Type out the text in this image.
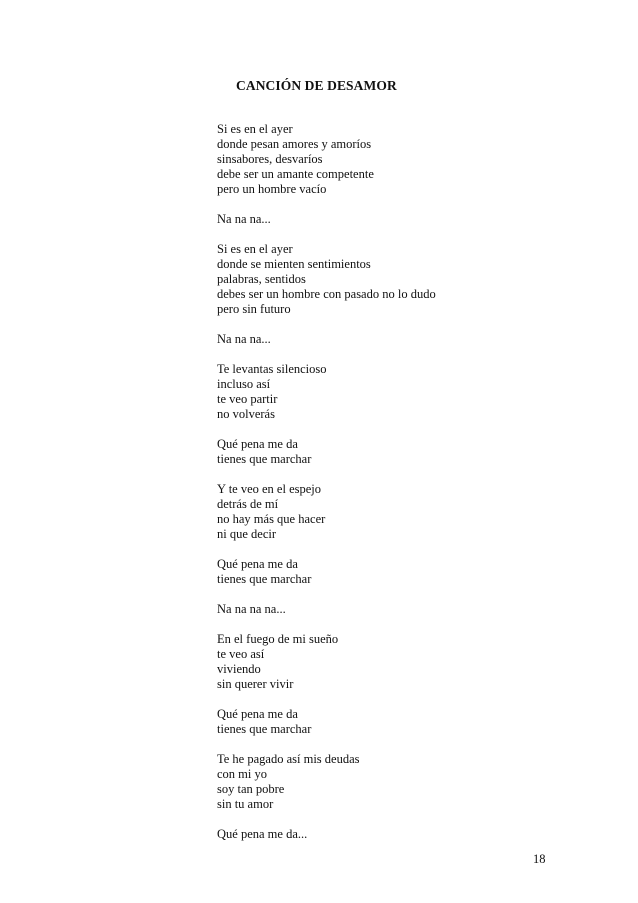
CANCIÓN DE DESAMOR
Si es en el ayer
donde pesan amores y amoríos
sinsabores, desvaríos
debe ser un amante competente
pero un hombre vacío
Na na na...
Si es en el ayer
donde se mienten sentimientos
palabras, sentidos
debes ser un hombre con pasado no lo dudo
pero sin futuro
Na na na...
Te levantas silencioso
incluso así
te veo partir
no volverás
Qué pena me da
tienes que marchar
Y te veo en el espejo
detrás de mí
no hay más que hacer
ni que decir
Qué pena me da
tienes que marchar
Na na na na...
En el fuego de mi sueño
te veo así
viviendo
sin querer vivir
Qué pena me da
tienes que marchar
Te he pagado así mis deudas
con mi yo
soy tan pobre
sin tu amor
Qué pena me da...
18
